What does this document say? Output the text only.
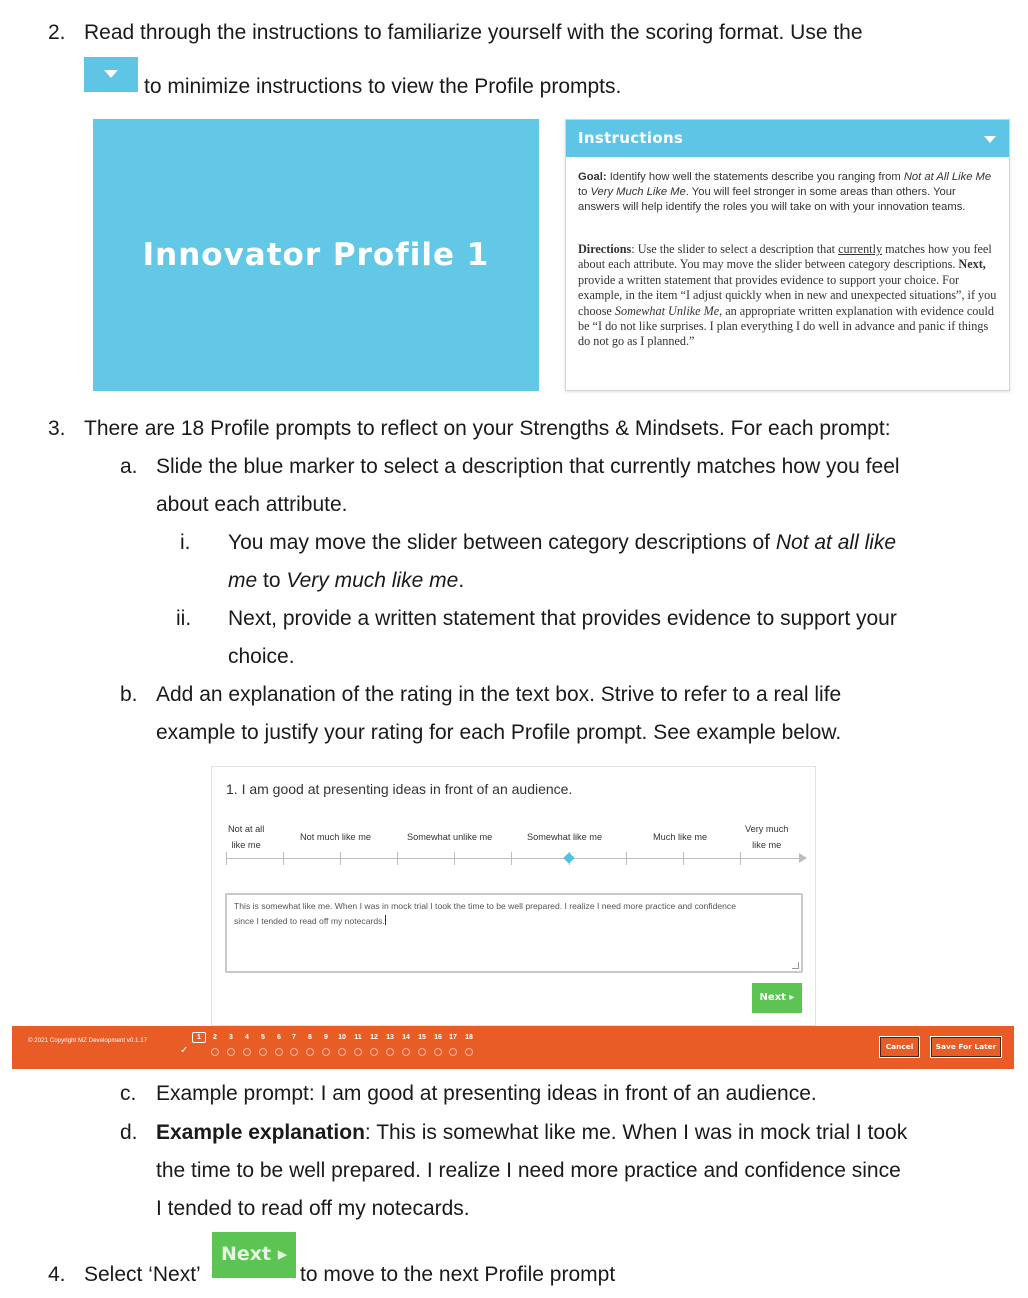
2. Read through the instructions to familiarize yourself with the scoring format. Use the
to minimize instructions to view the Profile prompts.
Innovator Profile 1
Instructions
Goal: Identify how well the statements describe you ranging from Not at All Like Me to Very Much Like Me. You will feel stronger in some areas than others. Your answers will help identify the roles you will take on with your innovation teams.
Directions: Use the slider to select a description that currently matches how you feel about each attribute. You may move the slider between category descriptions. Next, provide a written statement that provides evidence to support your choice. For example, in the item “I adjust quickly when in new and unexpected situations”, if you choose Somewhat Unlike Me, an appropriate written explanation with evidence could be “I do not like surprises. I plan everything I do well in advance and panic if things do not go as I planned.”
3. There are 18 Profile prompts to reflect on your Strengths & Mindsets. For each prompt:
a. Slide the blue marker to select a description that currently matches how you feel
about each attribute.
i. You may move the slider between category descriptions of Not at all like
me to Very much like me.
ii. Next, provide a written statement that provides evidence to support your
choice.
b. Add an explanation of the rating in the text box. Strive to refer to a real life
example to justify your rating for each Profile prompt. See example below.
1. I am good at presenting ideas in front of an audience.
Not at all
like me
Not much like me	Somewhat unlike me	Somewhat like me	Much like me
Very much
like me
This is somewhat like me. When I was in mock trial I took the time to be well prepared. I realize I need more practice and confidence
since I tended to read off my notecards.
Next ▸
© 2021 Copyright MZ Development v0.1.17	1	2	3	4	5	6	7	8	9	10	11	12	13	14	15	16	17	18
✓	Cancel	Save For Later
c. Example prompt: I am good at presenting ideas in front of an audience.
d. Example explanation: This is somewhat like me. When I was in mock trial I took
the time to be well prepared. I realize I need more practice and confidence since
I tended to read off my notecards.
4. Select ‘Next’	to move to the next Profile prompt
Next ▸
